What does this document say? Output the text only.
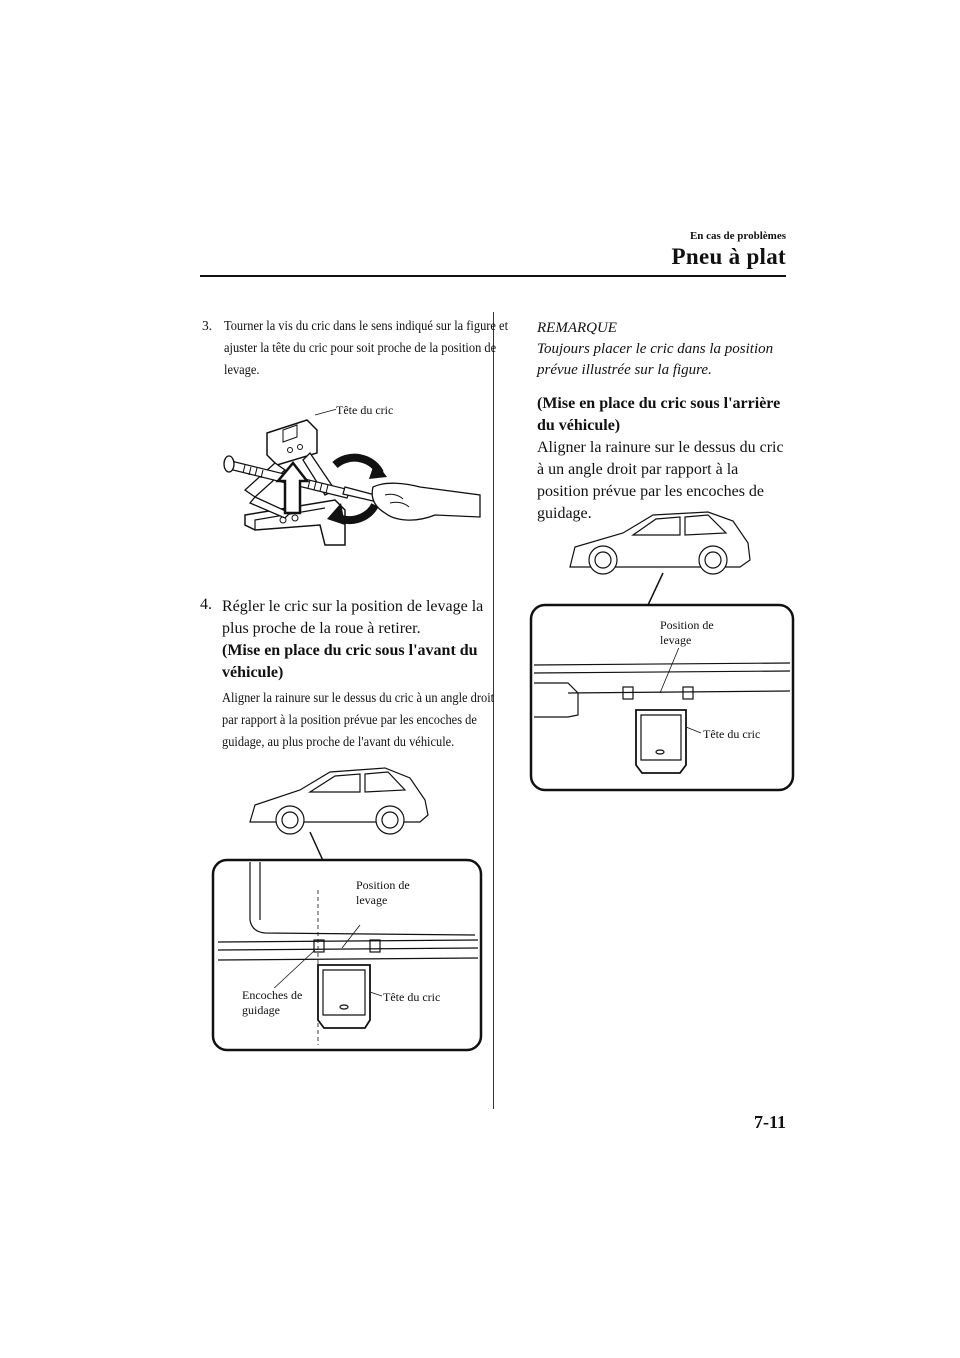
En cas de problèmes
Pneu à plat
3. Tourner la vis du cric dans le sens indiqué sur la figure et ajuster la tête du cric pour soit proche de la position de levage.
Tête du cric
4. Régler le cric sur la position de levage la plus proche de la roue à retirer.
(Mise en place du cric sous l'avant du véhicule)
Aligner la rainure sur le dessus du cric à un angle droit par rapport à la position prévue par les encoches de guidage, au plus proche de l'avant du véhicule.
Position de levage
Encoches de guidage
Tête du cric
REMARQUE
Toujours placer le cric dans la position prévue illustrée sur la figure.
(Mise en place du cric sous l'arrière du véhicule)
Aligner la rainure sur le dessus du cric à un angle droit par rapport à la position prévue par les encoches de guidage.
Position de levage
Tête du cric
7-11
